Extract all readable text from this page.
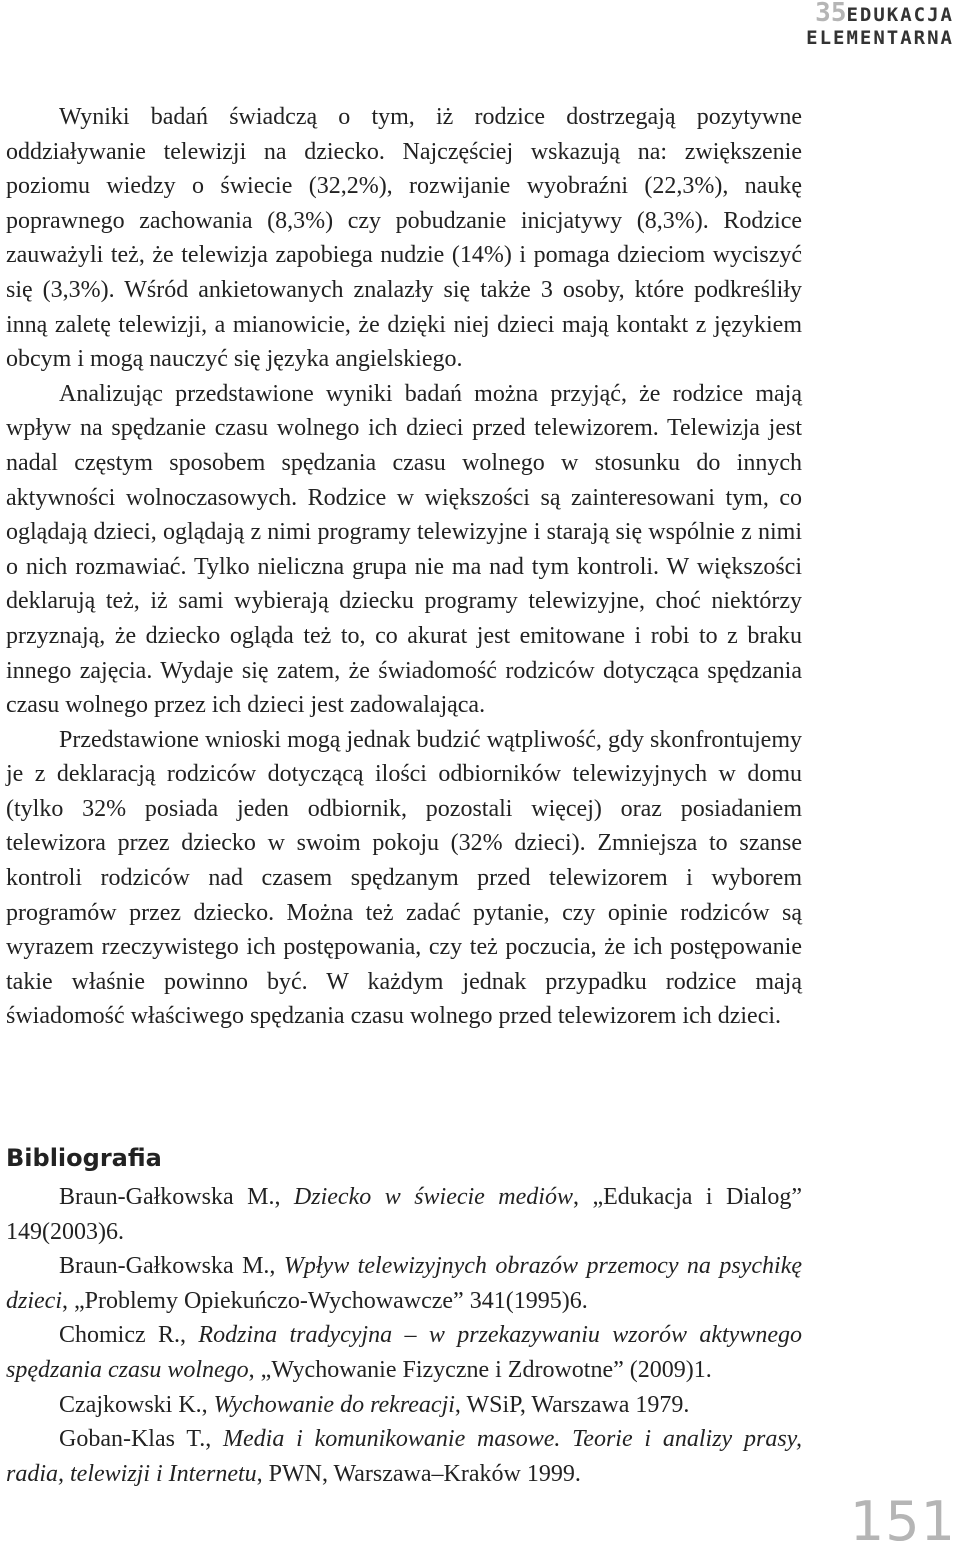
35EDUKACJA
ELEMENTARNA

Wyniki badań świadczą o tym, iż rodzice dostrzegają pozytywne oddziaływanie telewizji na dziecko. Najczęściej wskazują na: zwiększenie poziomu wiedzy o świecie (32,2%), rozwijanie wyobraźni (22,3%), naukę poprawnego zachowania (8,3%) czy pobudzanie inicjatywy (8,3%). Rodzice zauważyli też, że telewizja zapobiega nudzie (14%) i pomaga dzieciom wyciszyć się (3,3%). Wśród ankietowanych znalazły się także 3 osoby, które podkreśliły inną zaletę telewizji, a mianowicie, że dzięki niej dzieci mają kontakt z językiem obcym i mogą nauczyć się języka angielskiego.

Analizując przedstawione wyniki badań można przyjąć, że rodzice mają wpływ na spędzanie czasu wolnego ich dzieci przed telewizorem. Telewizja jest nadal częstym sposobem spędzania czasu wolnego w stosunku do innych aktywności wolnoczasowych. Rodzice w większości są zainteresowani tym, co oglądają dzieci, oglądają z nimi programy telewizyjne i starają się wspólnie z nimi o nich rozmawiać. Tylko nieliczna grupa nie ma nad tym kontroli. W większości deklarują też, iż sami wybierają dziecku programy telewizyjne, choć niektórzy przyznają, że dziecko ogląda też to, co akurat jest emitowane i robi to z braku innego zajęcia. Wydaje się zatem, że świadomość rodziców dotycząca spędzania czasu wolnego przez ich dzieci jest zadowalająca.

Przedstawione wnioski mogą jednak budzić wątpliwość, gdy skonfrontujemy je z deklaracją rodziców dotyczącą ilości odbiorników telewizyjnych w domu (tylko 32% posiada jeden odbiornik, pozostali więcej) oraz posiadaniem telewizora przez dziecko w swoim pokoju (32% dzieci). Zmniejsza to szanse kontroli rodziców nad czasem spędzanym przed telewizorem i wyborem programów przez dziecko. Można też zadać pytanie, czy opinie rodziców są wyrazem rzeczywistego ich postępowania, czy też poczucia, że ich postępowanie takie właśnie powinno być. W każdym jednak przypadku rodzice mają świadomość właściwego spędzania czasu wolnego przed telewizorem ich dzieci.

Bibliografia

Braun-Gałkowska M., Dziecko w świecie mediów, „Edukacja i Dialog” 149(2003)6.

Braun-Gałkowska M., Wpływ telewizyjnych obrazów przemocy na psychikę dzieci, „Problemy Opiekuńczo-Wychowawcze” 341(1995)6.

Chomicz R., Rodzina tradycyjna – w przekazywaniu wzorów aktywnego spędzania czasu wolnego, „Wychowanie Fizyczne i Zdrowotne” (2009)1.

Czajkowski K., Wychowanie do rekreacji, WSiP, Warszawa 1979.

Goban-Klas T., Media i komunikowanie masowe. Teorie i analizy prasy, radia, telewizji i Internetu, PWN, Warszawa–Kraków 1999.

151
